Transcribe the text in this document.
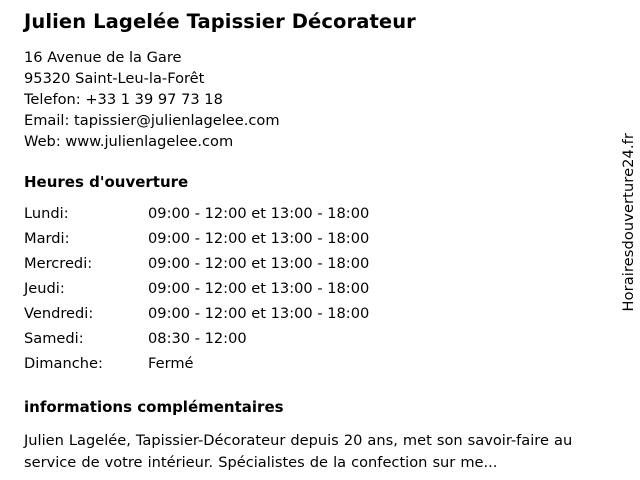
Julien Lagelée Tapissier Décorateur
16 Avenue de la Gare
95320 Saint-Leu-la-Forêt
Telefon: +33 1 39 97 73 18
Email: tapissier@julienlagelee.com
Web: www.julienlagelee.com
Heures d'ouverture
Lundi:	09:00 - 12:00 et 13:00 - 18:00
Mardi:	09:00 - 12:00 et 13:00 - 18:00
Mercredi:	09:00 - 12:00 et 13:00 - 18:00
Jeudi:	09:00 - 12:00 et 13:00 - 18:00
Vendredi:	09:00 - 12:00 et 13:00 - 18:00
Samedi:	08:30 - 12:00
Dimanche:	Fermé
informations complémentaires
Julien Lagelée, Tapissier-Décorateur depuis 20 ans, met son savoir-faire au service de votre intérieur. Spécialistes de la confection sur me...
Horairesdouverture24.fr
